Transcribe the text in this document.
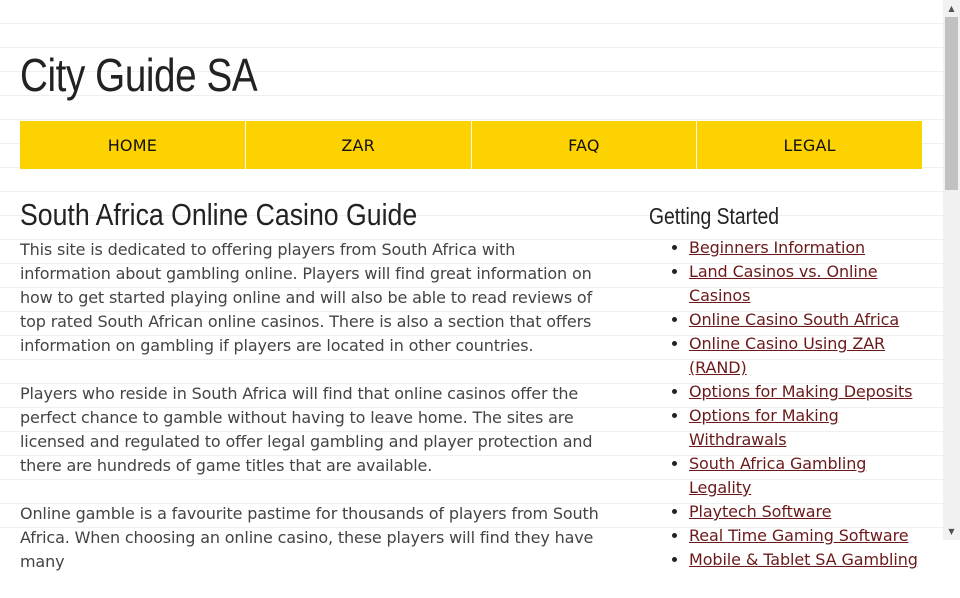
City Guide SA
HOME	ZAR	FAQ	LEGAL
South Africa Online Casino Guide

This site is dedicated to offering players from South Africa with information about gambling online. Players will find great information on how to get started playing online and will also be able to read reviews of top rated South African online casinos. There is also a section that offers information on gambling if players are located in other countries.

Players who reside in South Africa will find that online casinos offer the perfect chance to gamble without having to leave home. The sites are licensed and regulated to offer legal gambling and player protection and there are hundreds of game titles that are available.

Online gamble is a favourite pastime for thousands of players from South Africa. When choosing an online casino, these players will find they have many

Getting Started
• Beginners Information
• Land Casinos vs. Online Casinos
• Online Casino South Africa
• Online Casino Using ZAR (RAND)
• Options for Making Deposits
• Options for Making Withdrawals
• South Africa Gambling Legality
• Playtech Software
• Real Time Gaming Software
• Mobile & Tablet SA Gambling
▲
▼
